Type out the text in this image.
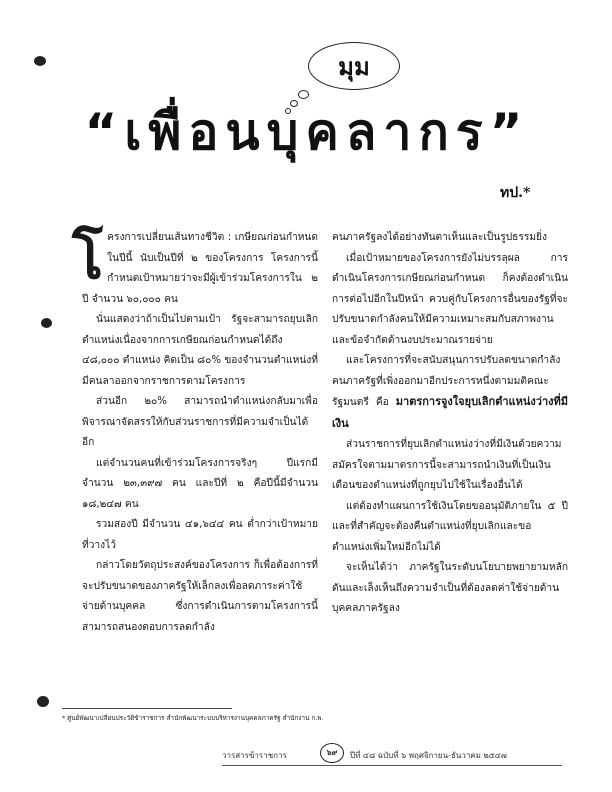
มุม
“เพื่อนบุคลากร”
ทป.*

โครงการเปลี่ยนเส้นทางชีวิต : เกษียณก่อนกำหนด ในปีนี้ นับเป็นปีที่ ๒ ของโครงการ โครงการนี้กำหนดเป้าหมายว่าจะมีผู้เข้าร่วมโครงการใน ๒ ปี จำนวน ๖๐,๐๐๐ คน

นั่นแสดงว่าถ้าเป็นไปตามเป้า รัฐจะสามารถยุบเลิกตำแหน่งเนื่องจากการเกษียณก่อนกำหนดได้ถึง ๔๘,๐๐๐ ตำแหน่ง คิดเป็น ๘๐% ของจำนวนตำแหน่งที่มีคนลาออกจากราชการตามโครงการ

ส่วนอีก ๒๐% สามารถนำตำแหน่งกลับมาเพื่อพิจารณาจัดสรรให้กับส่วนราชการที่มีความจำเป็นได้อีก

แต่จำนวนคนที่เข้าร่วมโครงการจริงๆ ปีแรกมี จำนวน ๒๓,๓๙๗ คน และปีที่ ๒ คือปีนี้มีจำนวน ๑๘,๒๔๗ คน

รวมสองปี มีจำนวน ๔๑,๖๔๔ คน ต่ำกว่าเป้าหมายที่วางไว้

กล่าวโดยวัตถุประสงค์ของโครงการ ก็เพื่อต้องการที่จะปรับขนาดของภาครัฐให้เล็กลงเพื่อลดภาระค่าใช้จ่ายด้านบุคคล ซึ่งการดำเนินการตามโครงการนี้สามารถสนองตอบการลดกำลัง

คนภาครัฐลงได้อย่างทันตาเห็นและเป็นรูปธรรมยิ่ง

เมื่อเป้าหมายของโครงการยังไม่บรรลุผล การดำเนินโครงการเกษียณก่อนกำหนด ก็คงต้องดำเนินการต่อไปอีกในปีหน้า ควบคู่กับโครงการอื่นของรัฐที่จะปรับขนาดกำลังคนให้มีความเหมาะสมกับสภาพงานและข้อจำกัดด้านงบประมาณรายจ่าย

และโครงการที่จะสนับสนุนการปรับลดขนาดกำลังคนภาครัฐที่เพิ่งออกมาอีกประการหนึ่งตามมติคณะรัฐมนตรี คือ มาตรการจูงใจยุบเลิกตำแหน่งว่างที่มีเงิน

ส่วนราชการที่ยุบเลิกตำแหน่งว่างที่มีเงินด้วยความสมัครใจตามมาตรการนี้จะสามารถนำเงินที่เป็นเงินเดือนของตำแหน่งที่ถูกยุบไปใช้ในเรื่องอื่นได้

แต่ต้องทำแผนการใช้เงินโดยขออนุมัติภายใน ๕ ปี และที่สำคัญจะต้องคืนตำแหน่งที่ยุบเลิกและขอตำแหน่งเพิ่มใหม่อีกไม่ได้

จะเห็นได้ว่า ภาครัฐในระดับนโยบายพยายามหลักดันและเล็งเห็นถึงความจำเป็นที่ต้องลดค่าใช้จ่ายด้านบุคคลภาครัฐลง

* ศูนย์พัฒนาเปลี่ยนประวัติข้าราชการ สำนักพัฒนาระบบบริหารงานบุคคลภาครัฐ สำนักงาน ก.พ.
วารสารข้าราชการ	๖๙	ปีที่ ๔๘ ฉบับที่ ๖ พฤศจิกายน-ธันวาคม ๒๕๔๗
